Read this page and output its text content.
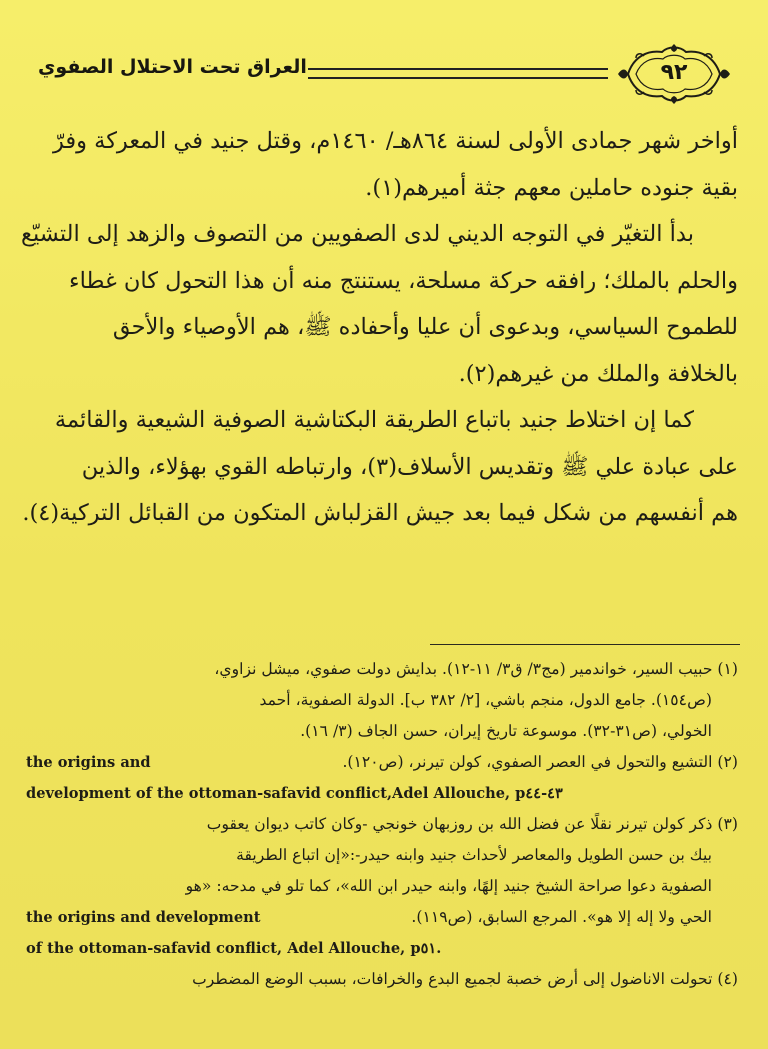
العراق تحت الاحتلال الصفوي	٩٢

أواخر شهر جمادى الأولى لسنة ٨٦٤هـ/ ١٤٦٠م، وقتل جنيد في المعركة وفرّ
بقية جنوده حاملين معهم جثة أميرهم(١).

بدأ التغيّر في التوجه الديني لدى الصفويين من التصوف والزهد إلى التشيّع
والحلم بالملك؛ رافقه حركة مسلحة، يستنتج منه أن هذا التحول كان غطاء
للطموح السياسي، وبدعوى أن عليا وأحفاده ﷺ، هم الأوصياء والأحق
بالخلافة والملك من غيرهم(٢).

كما إن اختلاط جنيد باتباع الطريقة البكتاشية الصوفية الشيعية والقائمة
على عبادة علي ﷺ وتقديس الأسلاف(٣)، وارتباطه القوي بهؤلاء، والذين
هم أنفسهم من شكل فيما بعد جيش القزلباش المتكون من القبائل التركية(٤).

(١) حبيب السير، خواندمير (مج٣/ ق٣/ ١١-١٢). بدايش دولت صفوي، ميشل نزاوي،
(ص١٥٤). جامع الدول، منجم باشي، [٢/ ٣٨٢ ب]. الدولة الصفوية، أحمد
الخولي، (ص٣١-٣٢). موسوعة تاريخ إيران، حسن الجاف (٣/ ١٦).
(٢) التشيع والتحول في العصر الصفوي، كولن تيرنر، (ص١٢٠).
the origins and
development of the ottoman-safavid conflict,Adel Allouche, p٤٣-٤٤
(٣) ذكر كولن تيرنر نقلًا عن فضل الله بن روزبهان خونجي -وكان كاتب ديوان يعقوب
بيك بن حسن الطويل والمعاصر لأحداث جنيد وابنه حيدر-:«إن اتباع الطريقة
الصفوية دعوا صراحة الشيخ جنيد إلهًا، وابنه حيدر ابن الله»، كما تلو في مدحه: «هو
الحي ولا إله إلا هو». المرجع السابق، (ص١١٩).
the origins and development
of the ottoman-safavid conflict, Adel Allouche, p٥١.
(٤) تحولت الاناضول إلى أرض خصبة لجميع البدع والخرافات، بسبب الوضع المضطرب
